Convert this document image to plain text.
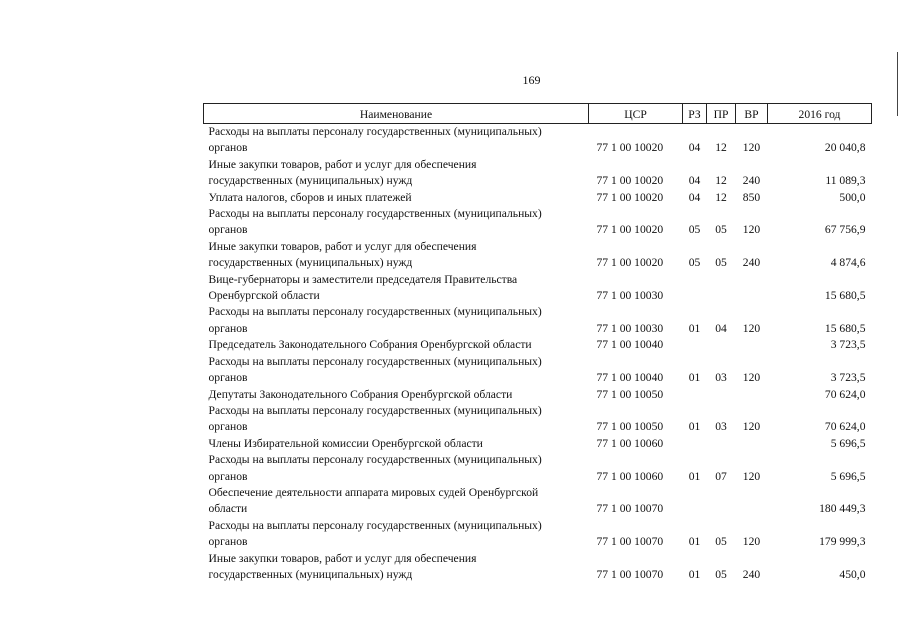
169
Наименование	ЦСР	РЗ	ПР	ВР	2016 год

Расходы на выплаты персоналу государственных (муниципальных)
органов	77 1 00 10020	04	12	120	20 040,8

Иные закупки товаров, работ и услуг для обеспечения
государственных (муниципальных) нужд	77 1 00 10020	04	12	240	11 089,3

Уплата налогов, сборов и иных платежей	77 1 00 10020	04	12	850	500,0

Расходы на выплаты персоналу государственных (муниципальных)
органов	77 1 00 10020	05	05	120	67 756,9

Иные закупки товаров, работ и услуг для обеспечения
государственных (муниципальных) нужд	77 1 00 10020	05	05	240	4 874,6

Вице-губернаторы и заместители председателя Правительства
Оренбургской области	77 1 00 10030				15 680,5

Расходы на выплаты персоналу государственных (муниципальных)
органов	77 1 00 10030	01	04	120	15 680,5

Председатель Законодательного Собрания Оренбургской области	77 1 00 10040				3 723,5

Расходы на выплаты персоналу государственных (муниципальных)
органов	77 1 00 10040	01	03	120	3 723,5

Депутаты Законодательного Собрания Оренбургской области	77 1 00 10050				70 624,0

Расходы на выплаты персоналу государственных (муниципальных)
органов	77 1 00 10050	01	03	120	70 624,0

Члены Избирательной комиссии Оренбургской области	77 1 00 10060				5 696,5

Расходы на выплаты персоналу государственных (муниципальных)
органов	77 1 00 10060	01	07	120	5 696,5

Обеспечение деятельности аппарата мировых судей Оренбургской
области	77 1 00 10070				180 449,3

Расходы на выплаты персоналу государственных (муниципальных)
органов	77 1 00 10070	01	05	120	179 999,3

Иные закупки товаров, работ и услуг для обеспечения
государственных (муниципальных) нужд	77 1 00 10070	01	05	240	450,0
